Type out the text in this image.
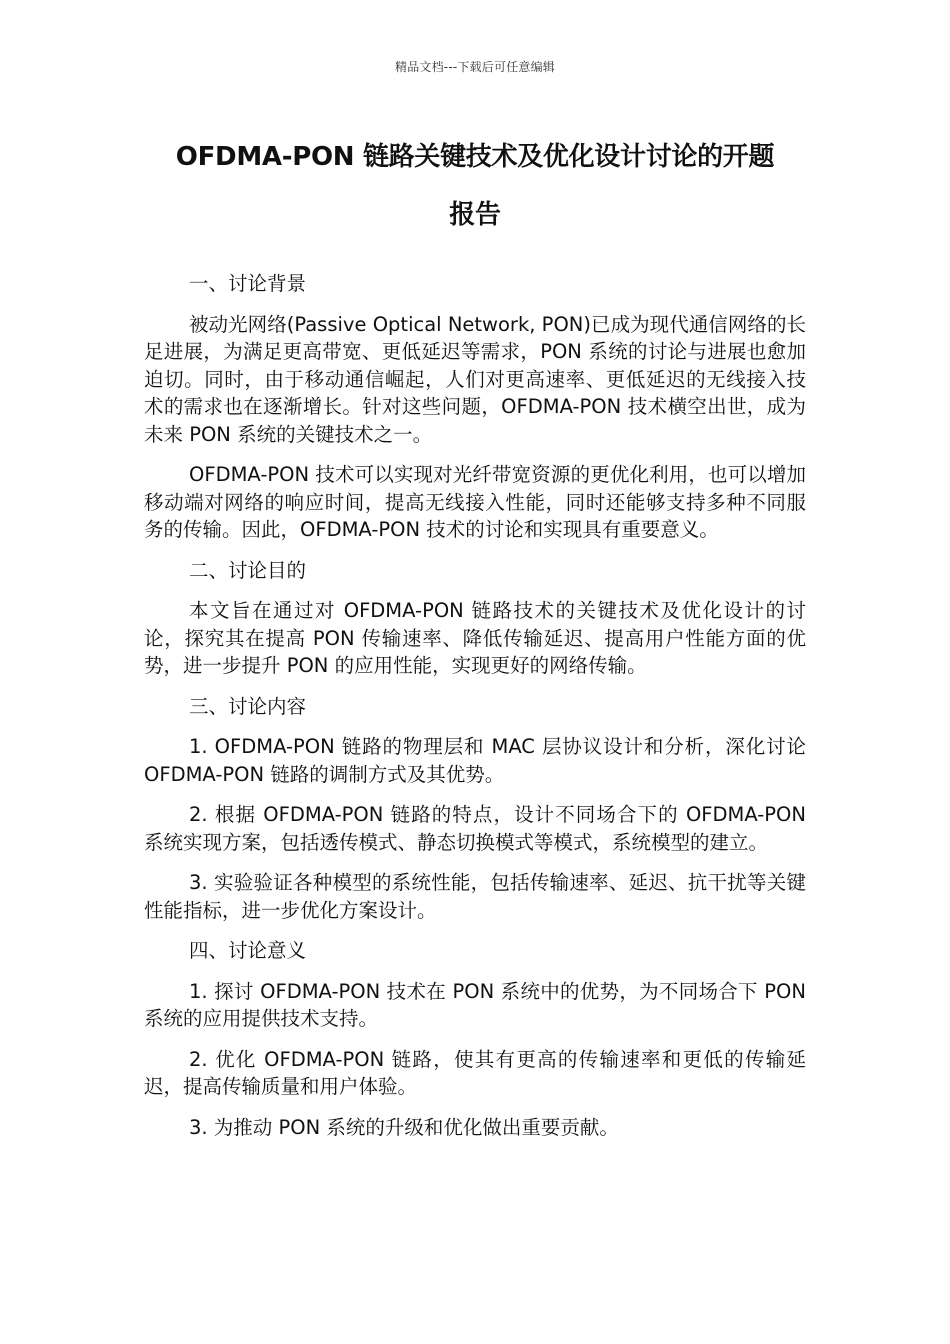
精品文档---下载后可任意编辑
OFDMA-PON 链路关键技术及优化设计讨论的开题
报告

一、讨论背景

被动光网络(Passive Optical Network, PON)已成为现代通信网络的长足进展，为满足更高带宽、更低延迟等需求，PON 系统的讨论与进展也愈加迫切。同时，由于移动通信崛起，人们对更高速率、更低延迟的无线接入技术的需求也在逐渐增长。针对这些问题，OFDMA-PON 技术横空出世，成为未来 PON 系统的关键技术之一。

OFDMA-PON 技术可以实现对光纤带宽资源的更优化利用，也可以增加移动端对网络的响应时间，提高无线接入性能，同时还能够支持多种不同服务的传输。因此，OFDMA-PON 技术的讨论和实现具有重要意义。

二、讨论目的

本文旨在通过对 OFDMA-PON 链路技术的关键技术及优化设计的讨论，探究其在提高 PON 传输速率、降低传输延迟、提高用户性能方面的优势，进一步提升 PON 的应用性能，实现更好的网络传输。

三、讨论内容

1. OFDMA-PON 链路的物理层和 MAC 层协议设计和分析，深化讨论 OFDMA-PON 链路的调制方式及其优势。

2. 根据 OFDMA-PON 链路的特点，设计不同场合下的 OFDMA-PON 系统实现方案，包括透传模式、静态切换模式等模式，系统模型的建立。

3. 实验验证各种模型的系统性能，包括传输速率、延迟、抗干扰等关键性能指标，进一步优化方案设计。

四、讨论意义

1. 探讨 OFDMA-PON 技术在 PON 系统中的优势，为不同场合下 PON 系统的应用提供技术支持。

2. 优化 OFDMA-PON 链路，使其有更高的传输速率和更低的传输延迟，提高传输质量和用户体验。

3. 为推动 PON 系统的升级和优化做出重要贡献。
